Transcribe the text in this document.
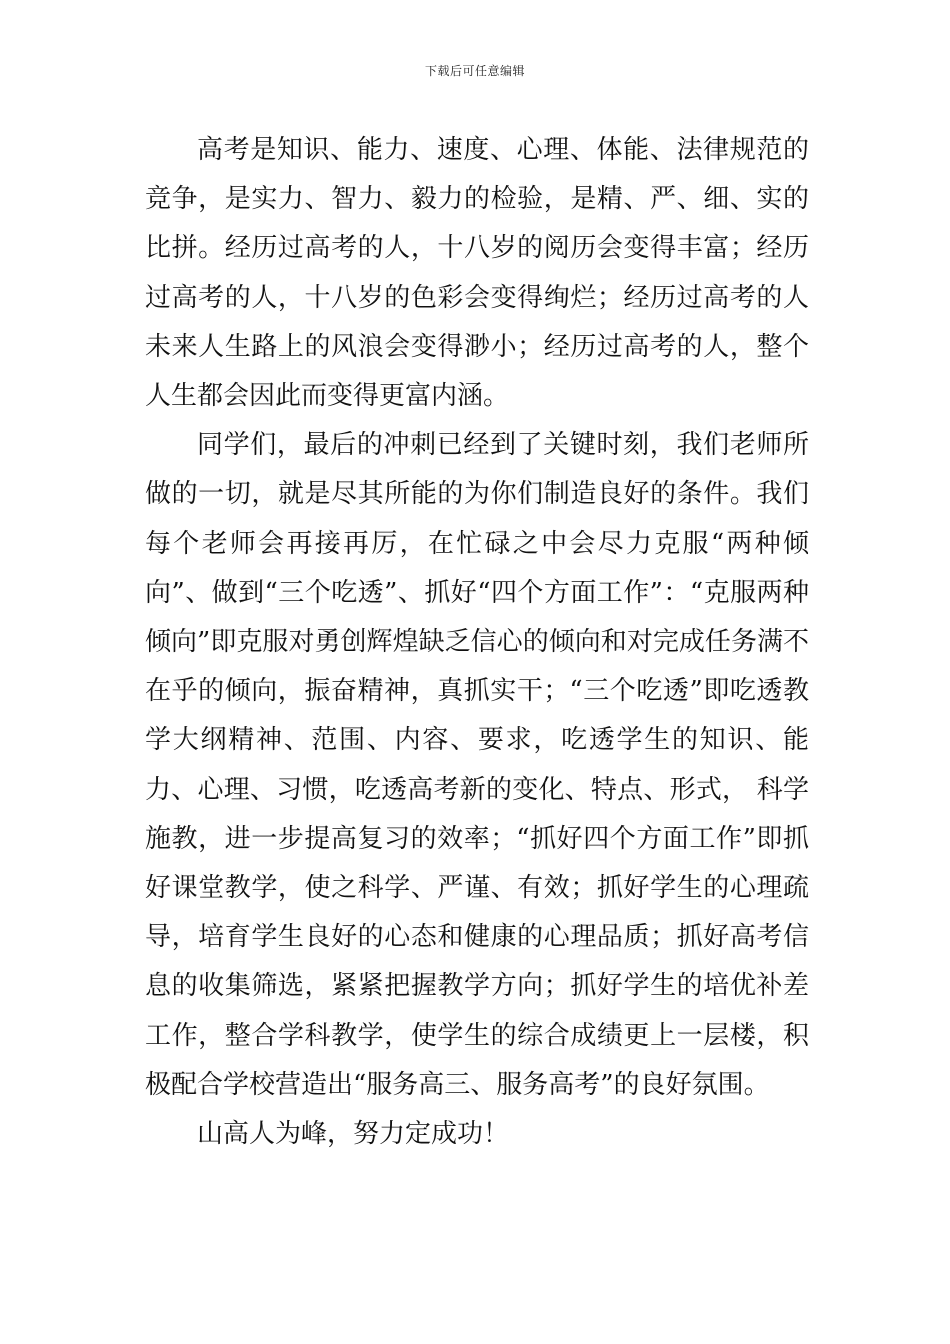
下载后可任意编辑

高考是知识、能力、速度、心理、体能、法律规范的竞争，是实力、智力、毅力的检验，是精、严、细、实的比拼。经历过高考的人，十八岁的阅历会变得丰富；经历过高考的人，十八岁的色彩会变得绚烂；经历过高考的人未来人生路上的风浪会变得渺小；经历过高考的人，整个人生都会因此而变得更富内涵。

同学们，最后的冲刺已经到了关键时刻，我们老师所做的一切，就是尽其所能的为你们制造良好的条件。我们每个老师会再接再厉，在忙碌之中会尽力克服“两种倾向”、做到“三个吃透”、抓好“四个方面工作”：“克服两种倾向”即克服对勇创辉煌缺乏信心的倾向和对完成任务满不在乎的倾向，振奋精神，真抓实干；“三个吃透”即吃透教学大纲精神、范围、内容、要求，吃透学生的知识、能力、心理、习惯，吃透高考新的变化、特点、形式， 科学施教，进一步提高复习的效率；“抓好四个方面工作”即抓好课堂教学，使之科学、严谨、有效；抓好学生的心理疏导，培育学生良好的心态和健康的心理品质；抓好高考信息的收集筛选，紧紧把握教学方向；抓好学生的培优补差工作，整合学科教学，使学生的综合成绩更上一层楼，积极配合学校营造出“服务高三、服务高考”的良好氛围。

山高人为峰，努力定成功！
